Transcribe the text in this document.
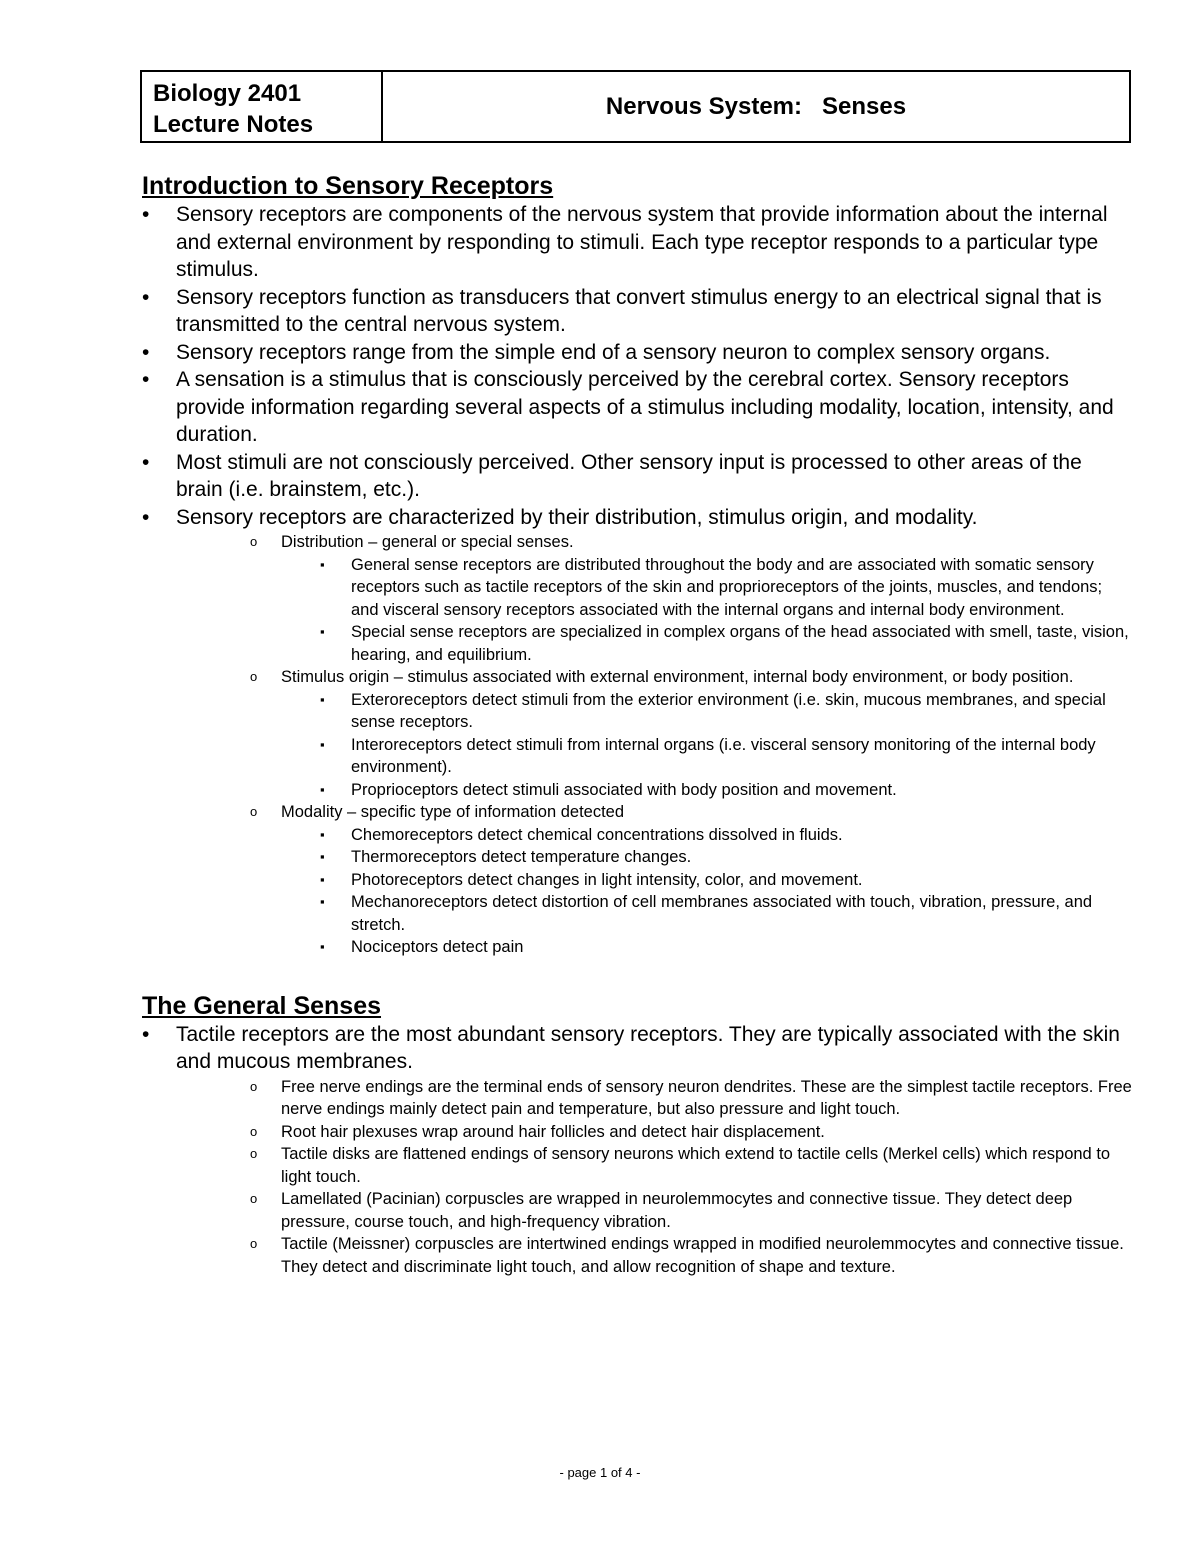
Biology 2401
Lecture Notes
Nervous System:   Senses
Introduction to Sensory Receptors
• Sensory receptors are components of the nervous system that provide information about the internal and external environment by responding to stimuli. Each type receptor responds to a particular type stimulus.
• Sensory receptors function as transducers that convert stimulus energy to an electrical signal that is transmitted to the central nervous system.
• Sensory receptors range from the simple end of a sensory neuron to complex sensory organs.
• A sensation is a stimulus that is consciously perceived by the cerebral cortex. Sensory receptors provide information regarding several aspects of a stimulus including modality, location, intensity, and duration.
• Most stimuli are not consciously perceived. Other sensory input is processed to other areas of the brain (i.e. brainstem, etc.).
• Sensory receptors are characterized by their distribution, stimulus origin, and modality.
o Distribution – general or special senses.
▪ General sense receptors are distributed throughout the body and are associated with somatic sensory receptors such as tactile receptors of the skin and proprioreceptors of the joints, muscles, and tendons; and visceral sensory receptors associated with the internal organs and internal body environment.
▪ Special sense receptors are specialized in complex organs of the head associated with smell, taste, vision, hearing, and equilibrium.
o Stimulus origin – stimulus associated with external environment, internal body environment, or body position.
▪ Exteroreceptors detect stimuli from the exterior environment (i.e. skin, mucous membranes, and special sense receptors.
▪ Interoreceptors detect stimuli from internal organs (i.e. visceral sensory monitoring of the internal body environment).
▪ Proprioceptors detect stimuli associated with body position and movement.
o Modality – specific type of information detected
▪ Chemoreceptors detect chemical concentrations dissolved in fluids.
▪ Thermoreceptors detect temperature changes.
▪ Photoreceptors detect changes in light intensity, color, and movement.
▪ Mechanoreceptors detect distortion of cell membranes associated with touch, vibration, pressure, and stretch.
▪ Nociceptors detect pain
The General Senses
• Tactile receptors are the most abundant sensory receptors. They are typically associated with the skin and mucous membranes.
o Free nerve endings are the terminal ends of sensory neuron dendrites. These are the simplest tactile receptors. Free nerve endings mainly detect pain and temperature, but also pressure and light touch.
o Root hair plexuses wrap around hair follicles and detect hair displacement.
o Tactile disks are flattened endings of sensory neurons which extend to tactile cells (Merkel cells) which respond to light touch.
o Lamellated (Pacinian) corpuscles are wrapped in neurolemmocytes and connective tissue. They detect deep pressure, course touch, and high-frequency vibration.
o Tactile (Meissner) corpuscles are intertwined endings wrapped in modified neurolemmocytes and connective tissue. They detect and discriminate light touch, and allow recognition of shape and texture.
- page 1 of 4 -
